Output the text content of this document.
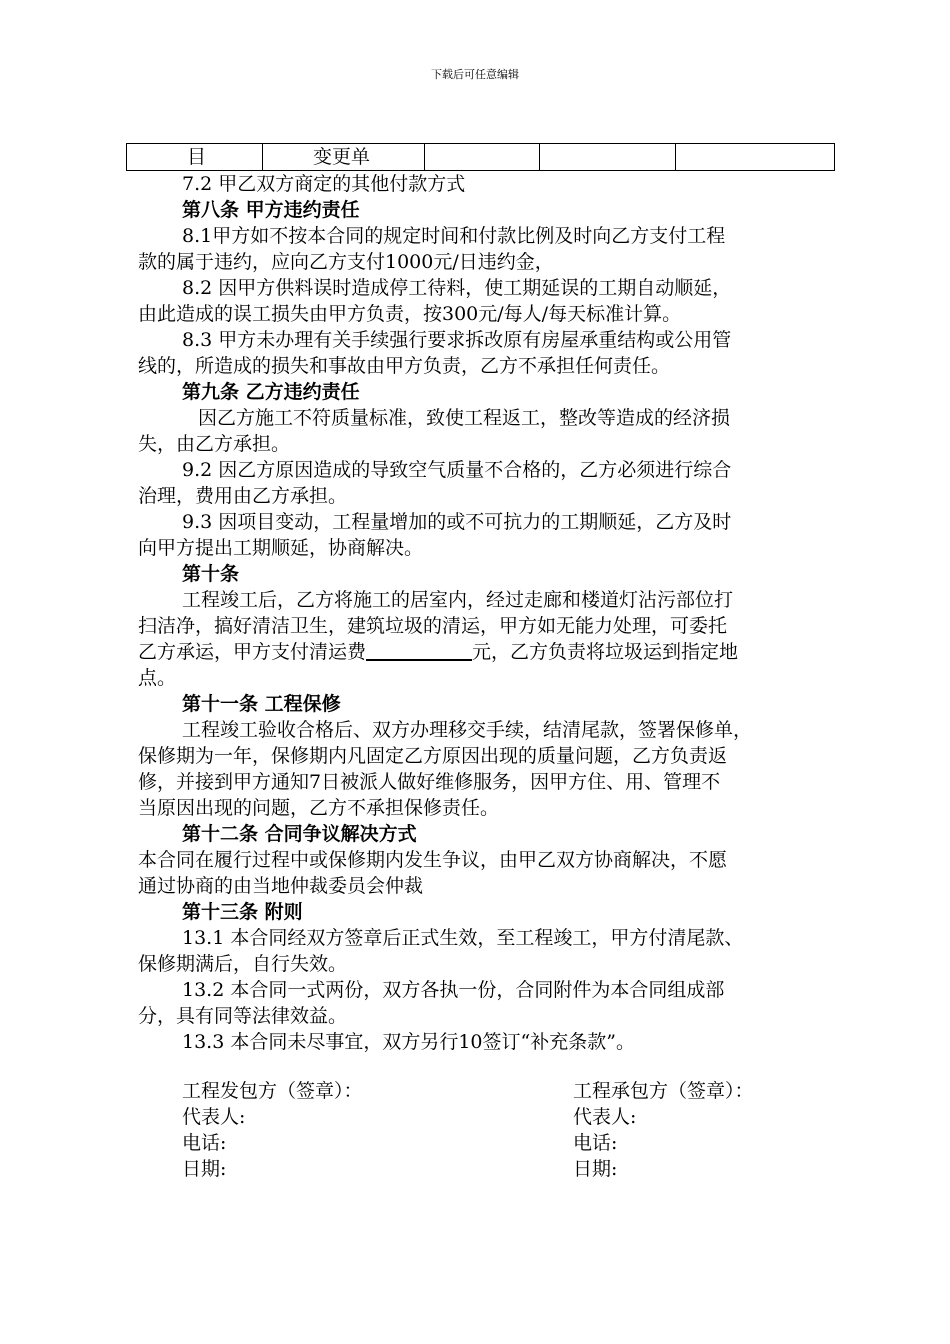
下载后可任意编辑
目	变更单			

7.2 甲乙双方商定的其他付款方式

第八条 甲方违约责任

8.1甲方如不按本合同的规定时间和付款比例及时向乙方支付工程

款的属于违约，应向乙方支付1000元/日违约金，

8.2 因甲方供料误时造成停工待料，使工期延误的工期自动顺延，

由此造成的误工损失由甲方负责，按300元/每人/每天标准计算。

8.3 甲方未办理有关手续强行要求拆改原有房屋承重结构或公用管

线的，所造成的损失和事故由甲方负责，乙方不承担任何责任。

第九条 乙方违约责任

因乙方施工不符质量标准，致使工程返工，整改等造成的经济损

失，由乙方承担。

9.2 因乙方原因造成的导致空气质量不合格的，乙方必须进行综合

治理，费用由乙方承担。

9.3 因项目变动，工程量增加的或不可抗力的工期顺延，乙方及时

向甲方提出工期顺延，协商解决。

第十条

工程竣工后，乙方将施工的居室内，经过走廊和楼道灯沾污部位打

扫洁净，搞好清洁卫生，建筑垃圾的清运，甲方如无能力处理，可委托

乙方承运，甲方支付清运费	元，乙方负责将垃圾运到指定地

点。

第十一条 工程保修

工程竣工验收合格后、双方办理移交手续，结清尾款，签署保修单，

保修期为一年，保修期内凡固定乙方原因出现的质量问题，乙方负责返

修，并接到甲方通知7日被派人做好维修服务，因甲方住、用、管理不

当原因出现的问题，乙方不承担保修责任。

第十二条 合同争议解决方式

本合同在履行过程中或保修期内发生争议，由甲乙双方协商解决，不愿

通过协商的由当地仲裁委员会仲裁

第十三条 附则

13.1 本合同经双方签章后正式生效，至工程竣工，甲方付清尾款、

保修期满后，自行失效。

13.2 本合同一式两份，双方各执一份，合同附件为本合同组成部

分，具有同等法律效益。

13.3 本合同未尽事宜，双方另行10签订“补充条款”。

工程发包方（签章）：
代表人:
电话:
日期:
工程承包方（签章）：
代表人:
电话:
日期:
